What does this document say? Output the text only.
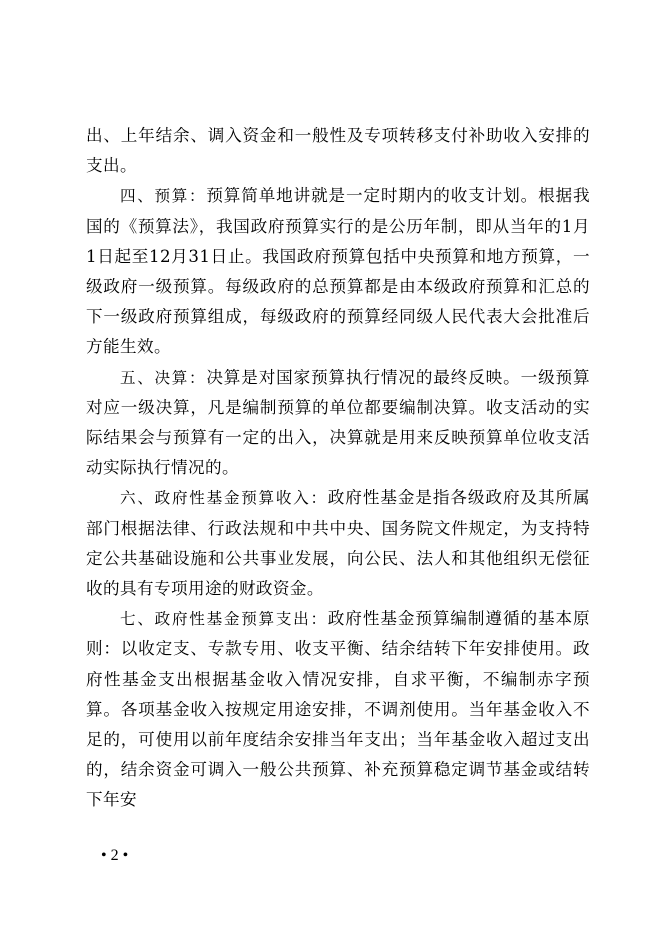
出、上年结余、调入资金和一般性及专项转移支付补助收入安排的支出。

四、预算：预算简单地讲就是一定时期内的收支计划。根据我国的《预算法》，我国政府预算实行的是公历年制，即从当年的1月1日起至12月31日止。我国政府预算包括中央预算和地方预算，一级政府一级预算。每级政府的总预算都是由本级政府预算和汇总的下一级政府预算组成，每级政府的预算经同级人民代表大会批准后方能生效。

五、决算：决算是对国家预算执行情况的最终反映。一级预算对应一级决算，凡是编制预算的单位都要编制决算。收支活动的实际结果会与预算有一定的出入，决算就是用来反映预算单位收支活动实际执行情况的。

六、政府性基金预算收入：政府性基金是指各级政府及其所属部门根据法律、行政法规和中共中央、国务院文件规定，为支持特定公共基础设施和公共事业发展，向公民、法人和其他组织无偿征收的具有专项用途的财政资金。

七、政府性基金预算支出：政府性基金预算编制遵循的基本原则：以收定支、专款专用、收支平衡、结余结转下年安排使用。政府性基金支出根据基金收入情况安排，自求平衡，不编制赤字预算。各项基金收入按规定用途安排，不调剂使用。当年基金收入不足的，可使用以前年度结余安排当年支出；当年基金收入超过支出的，结余资金可调入一般公共预算、补充预算稳定调节基金或结转下年安

• 2 •
